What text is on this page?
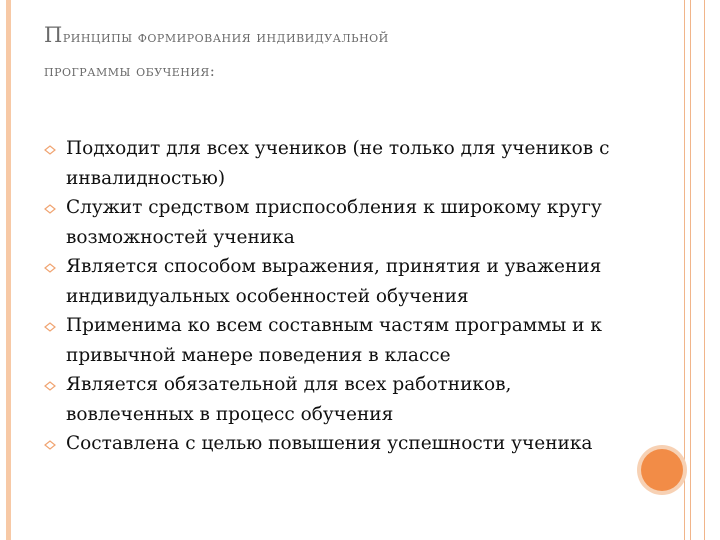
Принципы формирования индивидуальной
программы обучения:
Подходит для всех учеников (не только для учеников с инвалидностью)
Служит средством приспособления к широкому кругу возможностей ученика
Является способом выражения, принятия и уважения индивидуальных особенностей обучения
Применима ко всем составным частям программы и к привычной манере поведения в классе
Является обязательной для всех работников, вовлеченных в процесс обучения
Составлена с целью повышения успешности ученика
